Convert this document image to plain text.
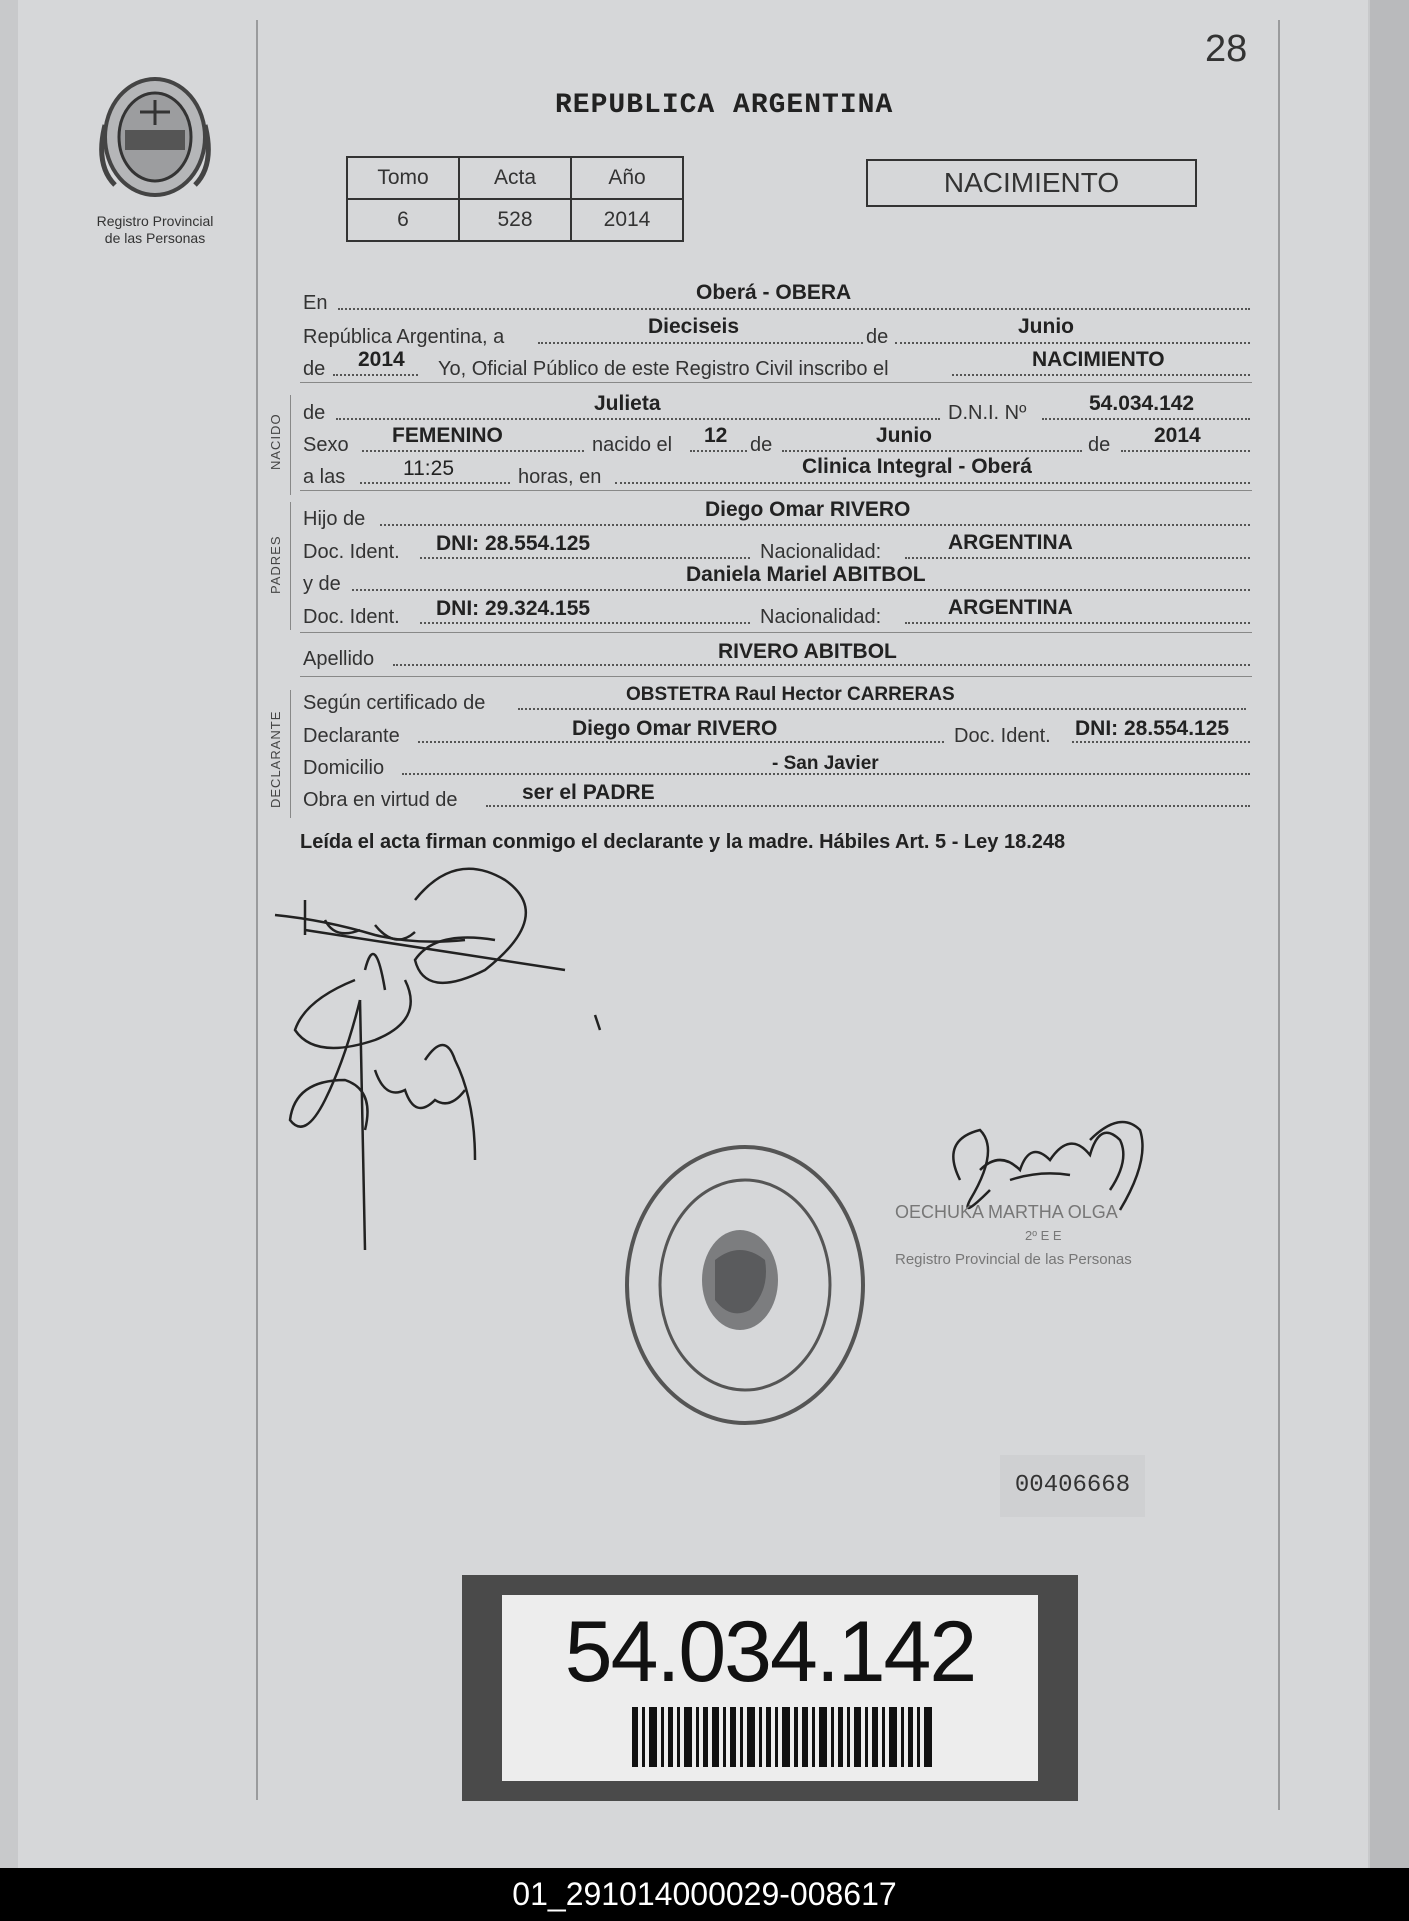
28
Registro Provincial
de las Personas
REPUBLICA ARGENTINA
Tomo	Acta	Año
6	528	2014
NACIMIENTO
En	Oberá - OBERA
República Argentina, a	Dieciseis	de	Junio
de 2014 Yo, Oficial Público de este Registro Civil inscribo el	NACIMIENTO
NACIDO
de	Julieta	D.N.I. Nº	54.034.142
Sexo FEMENINO	nacido el 12 de	Junio	de 2014
a las	11:25	horas, en	Clinica Integral - Oberá
PADRES
Hijo de	Diego Omar RIVERO
Doc. Ident. DNI: 28.554.125	Nacionalidad:	ARGENTINA
y de	Daniela Mariel ABITBOL
Doc. Ident. DNI: 29.324.155	Nacionalidad:	ARGENTINA
Apellido	RIVERO ABITBOL
DECLARANTE
Según certificado de	OBSTETRA Raul Hector CARRERAS
Declarante	Diego Omar RIVERO	Doc. Ident. DNI: 28.554.125
Domicilio	- San Javier
Obra en virtud de	ser el PADRE
Leída el acta firman conmigo el declarante y la madre. Hábiles Art. 5 - Ley 18.248
OECHUKA MARTHA OLGA
2º E E
Registro Provincial de las Personas
00406668
54.034.142
01_291014000029-008617
